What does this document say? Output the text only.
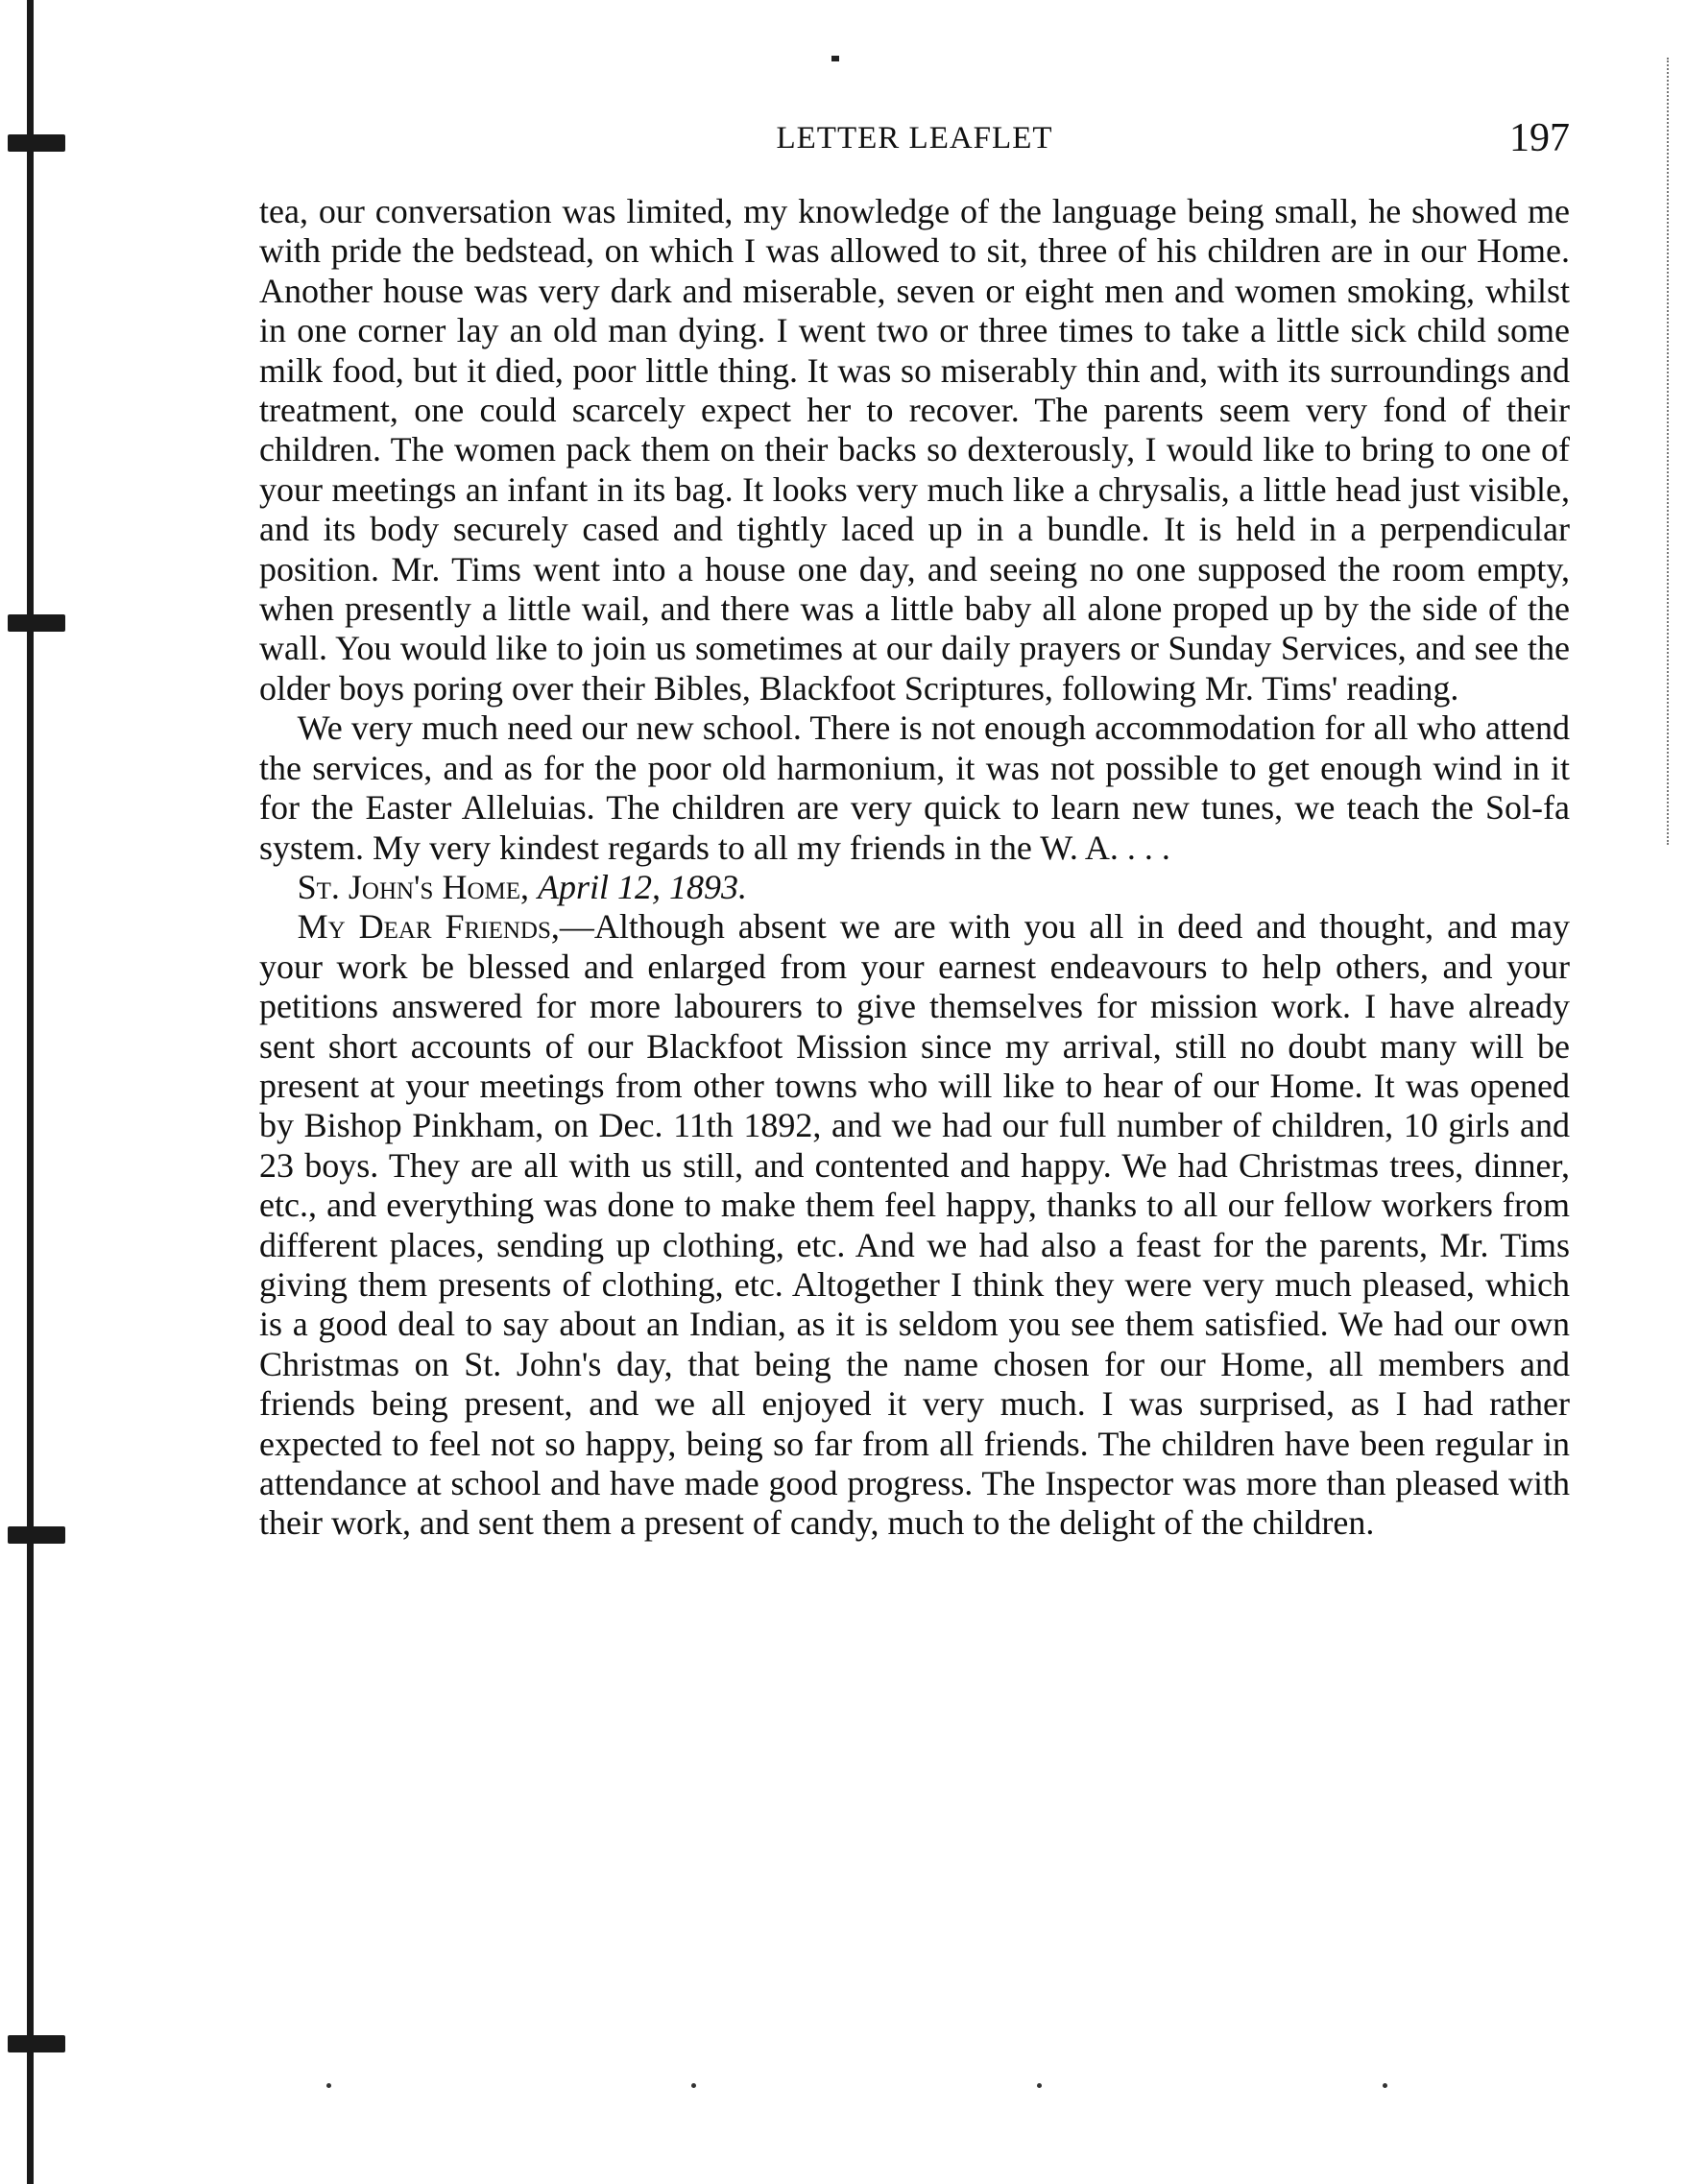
LETTER LEAFLET	197

tea, our conversation was limited, my knowledge of the language being small, he showed me with pride the bedstead, on which I was allowed to sit, three of his children are in our Home. Another house was very dark and miserable, seven or eight men and women smoking, whilst in one corner lay an old man dying. I went two or three times to take a little sick child some milk food, but it died, poor little thing. It was so miserably thin and, with its surroundings and treatment, one could scarcely expect her to recover. The parents seem very fond of their children. The women pack them on their backs so dexterously, I would like to bring to one of your meetings an infant in its bag. It looks very much like a chrysalis, a little head just visible, and its body securely cased and tightly laced up in a bundle. It is held in a perpendicular position. Mr. Tims went into a house one day, and seeing no one supposed the room empty, when presently a little wail, and there was a little baby all alone proped up by the side of the wall. You would like to join us sometimes at our daily prayers or Sunday Services, and see the older boys poring over their Bibles, Blackfoot Scriptures, following Mr. Tims' reading.

We very much need our new school. There is not enough accommodation for all who attend the services, and as for the poor old harmonium, it was not possible to get enough wind in it for the Easter Alleluias. The children are very quick to learn new tunes, we teach the Sol-fa system. My very kindest regards to all my friends in the W. A. . . .

St. John's Home, April 12, 1893.

My Dear Friends,—Although absent we are with you all in deed and thought, and may your work be blessed and enlarged from your earnest endeavours to help others, and your petitions answered for more labourers to give themselves for mission work. I have already sent short accounts of our Blackfoot Mission since my arrival, still no doubt many will be present at your meetings from other towns who will like to hear of our Home. It was opened by Bishop Pinkham, on Dec. 11th 1892, and we had our full number of children, 10 girls and 23 boys. They are all with us still, and contented and happy. We had Christmas trees, dinner, etc., and everything was done to make them feel happy, thanks to all our fellow workers from different places, sending up clothing, etc. And we had also a feast for the parents, Mr. Tims giving them presents of clothing, etc. Altogether I think they were very much pleased, which is a good deal to say about an Indian, as it is seldom you see them satisfied. We had our own Christmas on St. John's day, that being the name chosen for our Home, all members and friends being present, and we all enjoyed it very much. I was surprised, as I had rather expected to feel not so happy, being so far from all friends. The children have been regular in attendance at school and have made good progress. The Inspector was more than pleased with their work, and sent them a present of candy, much to the delight of the children.
